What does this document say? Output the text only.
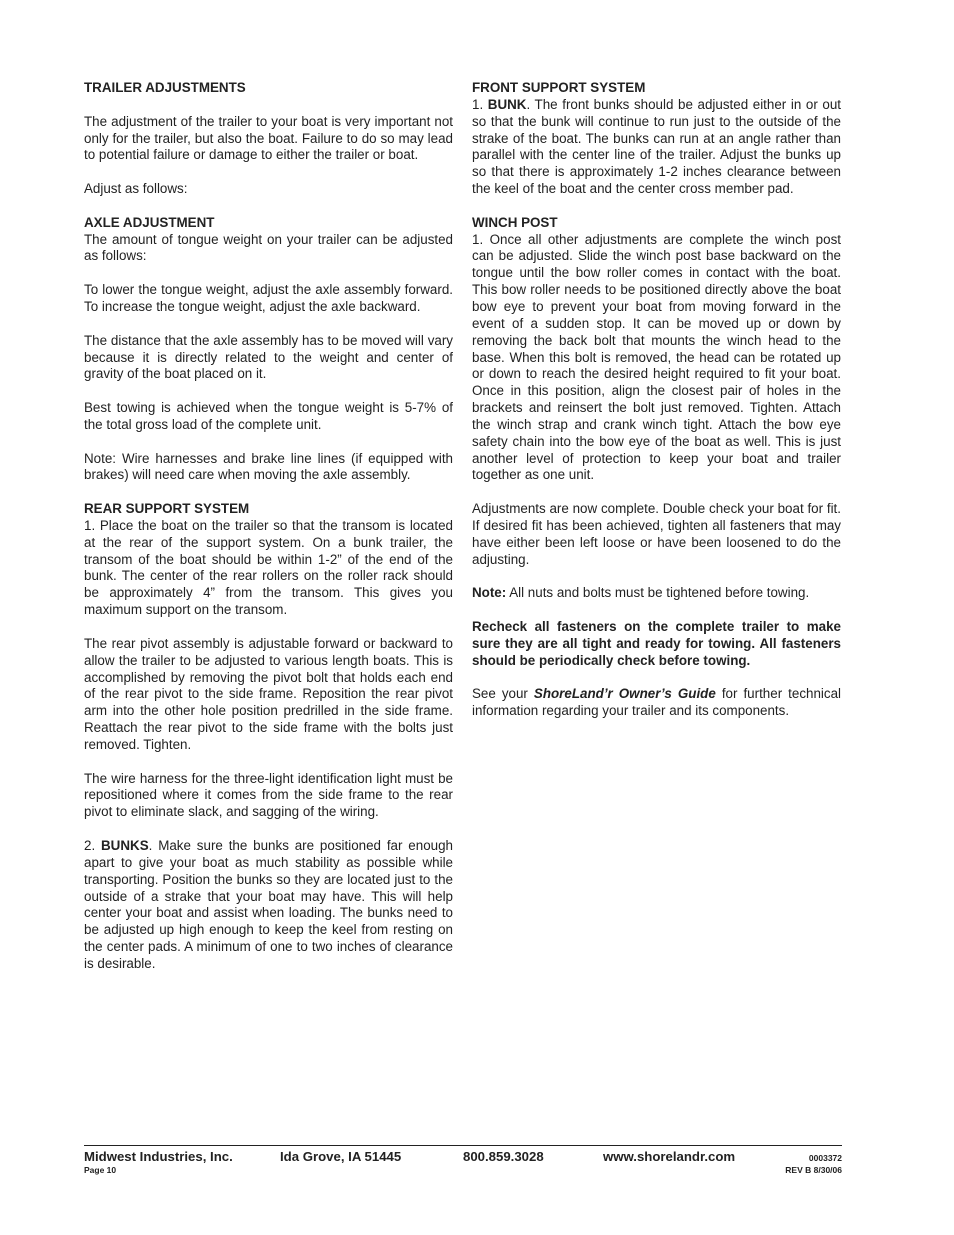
TRAILER ADJUSTMENTS

The adjustment of the trailer to your boat is very important not only for the trailer, but also the boat. Failure to do so may lead to potential failure or damage to either the trailer or boat.

Adjust as follows:

AXLE ADJUSTMENT

The amount of tongue weight on your trailer can be adjusted as follows:

To lower the tongue weight, adjust the axle assembly forward. To increase the tongue weight, adjust the axle backward.

The distance that the axle assembly has to be moved will vary because it is directly related to the weight and center of gravity of the boat placed on it.

Best towing is achieved when the tongue weight is 5-7% of the total gross load of the complete unit.

Note: Wire harnesses and brake line lines (if equipped with brakes) will need care when moving the axle assembly.

REAR SUPPORT SYSTEM

1. Place the boat on the trailer so that the transom is located at the rear of the support system. On a bunk trailer, the transom of the boat should be within 1-2” of the end of the bunk. The center of the rear rollers on the roller rack should be approximately 4” from the transom. This gives you maximum support on the transom.

The rear pivot assembly is adjustable forward or backward to allow the trailer to be adjusted to various length boats. This is accomplished by removing the pivot bolt that holds each end of the rear pivot to the side frame. Reposition the rear pivot arm into the other hole position predrilled in the side frame. Reattach the rear pivot to the side frame with the bolts just removed. Tighten.

The wire harness for the three-light identification light must be repositioned where it comes from the side frame to the rear pivot to eliminate slack, and sagging of the wiring.

2. BUNKS. Make sure the bunks are positioned far enough apart to give your boat as much stability as possible while transporting. Position the bunks so they are located just to the outside of a strake that your boat may have. This will help center your boat and assist when loading. The bunks need to be adjusted up high enough to keep the keel from resting on the center pads. A minimum of one to two inches of clearance is desirable.

FRONT SUPPORT SYSTEM

1. BUNK. The front bunks should be adjusted either in or out so that the bunk will continue to run just to the outside of the strake of the boat. The bunks can run at an angle rather than parallel with the center line of the trailer. Adjust the bunks up so that there is approximately 1-2 inches clearance between the keel of the boat and the center cross member pad.

WINCH POST

1. Once all other adjustments are complete the winch post can be adjusted. Slide the winch post base backward on the tongue until the bow roller comes in contact with the boat. This bow roller needs to be positioned directly above the boat bow eye to prevent your boat from moving forward in the event of a sudden stop. It can be moved up or down by removing the back bolt that mounts the winch head to the base. When this bolt is removed, the head can be rotated up or down to reach the desired height required to fit your boat. Once in this position, align the closest pair of holes in the brackets and reinsert the bolt just removed. Tighten. Attach the winch strap and crank winch tight. Attach the bow eye safety chain into the bow eye of the boat as well. This is just another level of protection to keep your boat and trailer together as one unit.

Adjustments are now complete. Double check your boat for fit. If desired fit has been achieved, tighten all fasteners that may have either been left loose or have been loosened to do the adjusting.

Note: All nuts and bolts must be tightened before towing.

Recheck all fasteners on the complete trailer to make sure they are all tight and ready for towing. All fasteners should be periodically check before towing.

See your ShoreLand’r Owner’s Guide for further technical information regarding your trailer and its components.

Midwest Industries, Inc.	Ida Grove, IA 51445	800.859.3028	www.shorelandr.com
Page 10
0003372
REV B 8/30/06
